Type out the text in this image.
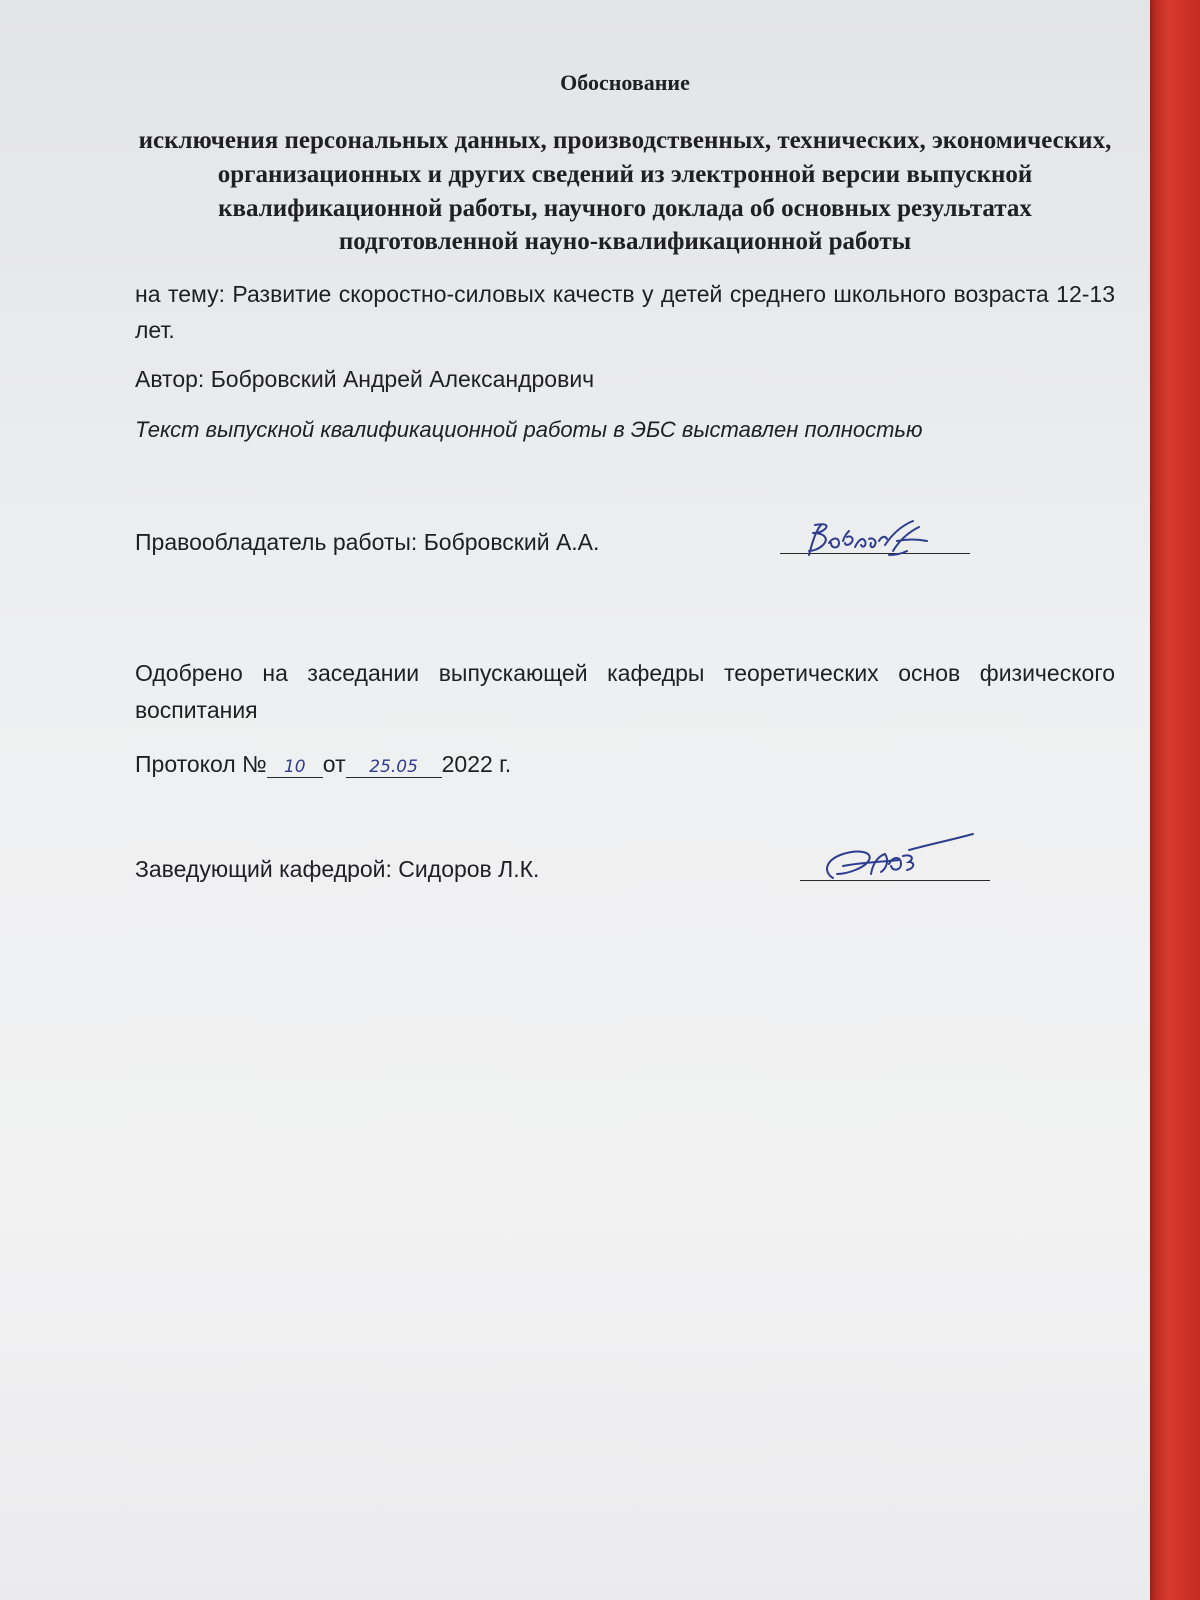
Обоснование
исключения персональных данных, производственных, технических, экономических, организационных и других сведений из электронной версии выпускной квалификационной работы, научного доклада об основных результатах подготовленной науно-квалификационной работы
на тему: Развитие скоростно-силовых качеств у детей среднего школьного возраста 12-13 лет.
Автор: Бобровский Андрей Александрович
Текст выпускной квалификационной работы в ЭБС выставлен полностью
Правообладатель работы: Бобровский А.А.
Одобрено на заседании выпускающей кафедры теоретических основ физического воспитания
Протокол № 10 от 25.05 2022 г.
Заведующий кафедрой: Сидоров Л.К.
